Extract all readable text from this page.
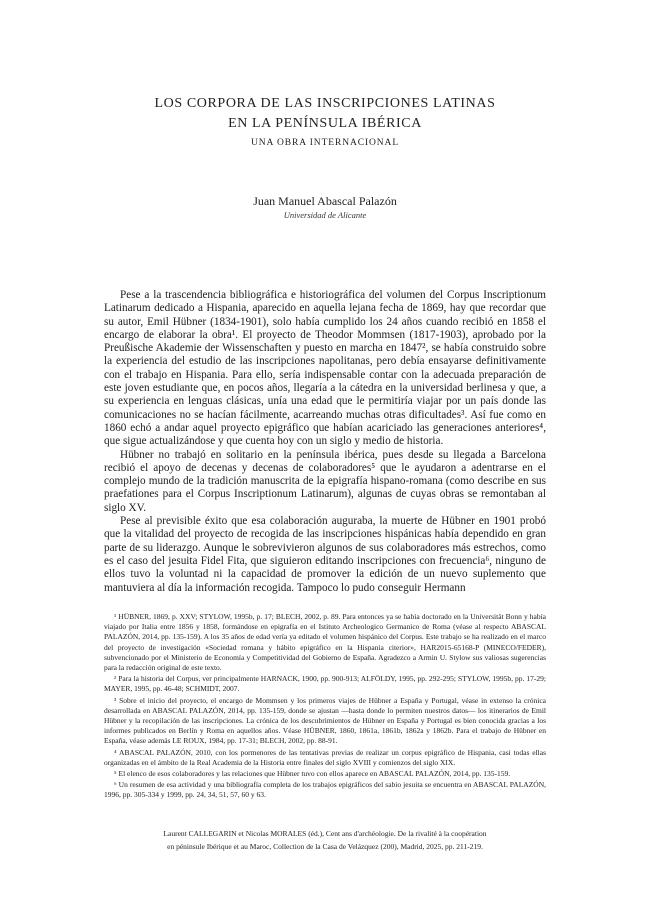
LOS CORPORA DE LAS INSCRIPCIONES LATINAS
EN LA PENÍNSULA IBÉRICA
UNA OBRA INTERNACIONAL
Juan Manuel Abascal Palazón
Universidad de Alicante

Pese a la trascendencia bibliográfica e historiográfica del volumen del Corpus Inscriptionum Latinarum dedicado a Hispania, aparecido en aquella lejana fecha de 1869, hay que recordar que su autor, Emil Hübner (1834-1901), solo había cumplido los 24 años cuando recibió en 1858 el encargo de elaborar la obra¹. El proyecto de Theodor Mommsen (1817-1903), aprobado por la Preußische Akademie der Wissenschaften y puesto en marcha en 1847², se había construido sobre la experiencia del estudio de las inscripciones napolitanas, pero debía ensayarse definitivamente con el trabajo en Hispania. Para ello, sería indispensable contar con la adecuada preparación de este joven estudiante que, en pocos años, llegaría a la cátedra en la universidad berlinesa y que, a su experiencia en lenguas clásicas, unía una edad que le permitiría viajar por un país donde las comunicaciones no se hacían fácilmente, acarreando muchas otras dificultades³. Así fue como en 1860 echó a andar aquel proyecto epigráfico que habían acariciado las generaciones anteriores⁴, que sigue actualizándose y que cuenta hoy con un siglo y medio de historia.

Hübner no trabajó en solitario en la península ibérica, pues desde su llegada a Barcelona recibió el apoyo de decenas y decenas de colaboradores⁵ que le ayudaron a adentrarse en el complejo mundo de la tradición manuscrita de la epigrafía hispano-romana (como describe en sus praefationes para el Corpus Inscriptionum Latinarum), algunas de cuyas obras se remontaban al siglo XV.

Pese al previsible éxito que esa colaboración auguraba, la muerte de Hübner en 1901 probó que la vitalidad del proyecto de recogida de las inscripciones hispánicas había dependido en gran parte de su liderazgo. Aunque le sobrevivieron algunos de sus colaboradores más estrechos, como es el caso del jesuita Fidel Fita, que siguieron editando inscripciones con frecuencia⁶, ninguno de ellos tuvo la voluntad ni la capacidad de promover la edición de un nuevo suplemento que mantuviera al día la información recogida. Tampoco lo pudo conseguir Hermann

¹ HÜBNER, 1869, p. XXV; STYLOW, 1995b, p. 17; BLECH, 2002, p. 89. Para entonces ya se había doctorado en la Universität Bonn y había viajado por Italia entre 1856 y 1858, formándose en epigrafía en el Istituto Archeologico Germanico de Roma (véase al respecto ABASCAL PALAZÓN, 2014, pp. 135-159). A los 35 años de edad vería ya editado el volumen hispánico del Corpus. Este trabajo se ha realizado en el marco del proyecto de investigación «Sociedad romana y hábito epigráfico en la Hispania citerior», HAR2015-65168-P (MINECO/FEDER), subvencionado por el Ministerio de Economía y Competitividad del Gobierno de España. Agradezco a Armin U. Stylow sus valiosas sugerencias para la redacción original de este texto.

² Para la historia del Corpus, ver principalmente HARNACK, 1900, pp. 900-913; ALFÖLDY, 1995, pp. 292-295; STYLOW, 1995b, pp. 17-29; MAYER, 1995, pp. 46-48; SCHMIDT, 2007.

³ Sobre el inicio del proyecto, el encargo de Mommsen y los primeros viajes de Hübner a España y Portugal, véase in extenso la crónica desarrollada en ABASCAL PALAZÓN, 2014, pp. 135-159, donde se ajustan —hasta donde lo permiten nuestros datos— los itinerarios de Emil Hübner y la recopilación de las inscripciones. La crónica de los descubrimientos de Hübner en España y Portugal es bien conocida gracias a los informes publicados en Berlín y Roma en aquellos años. Véase HÜBNER, 1860, 1861a, 1861b, 1862a y 1862b. Para el trabajo de Hübner en España, véase además LE ROUX, 1984, pp. 17-31; BLECH, 2002, pp. 88-91.

⁴ ABASCAL PALAZÓN, 2010, con los pormenores de las tentativas previas de realizar un corpus epigráfico de Hispania, casi todas ellas organizadas en el ámbito de la Real Academia de la Historia entre finales del siglo XVIII y comienzos del siglo XIX.

⁵ El elenco de esos colaboradores y las relaciones que Hübner tuvo con ellos aparece en ABASCAL PALAZÓN, 2014, pp. 135-159.

⁶ Un resumen de esa actividad y una bibliografía completa de los trabajos epigráficos del sabio jesuita se encuentra en ABASCAL PALAZÓN, 1996, pp. 305-334 y 1999, pp. 24, 34, 51, 57, 60 y 63.

Laurent CALLEGARIN et Nicolas MORALES (éd.), Cent ans d'archéologie. De la rivalité à la coopération
en péninsule Ibérique et au Maroc, Collection de la Casa de Velázquez (200), Madrid, 2025, pp. 211-219.
